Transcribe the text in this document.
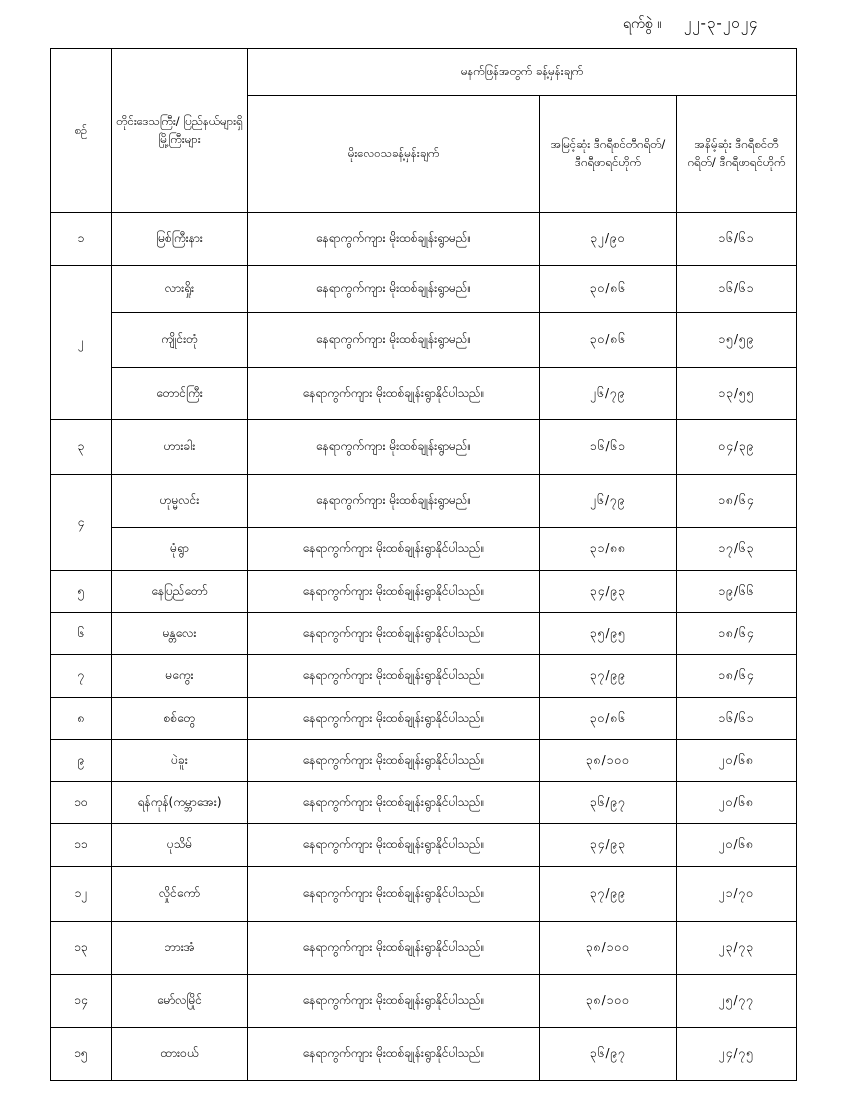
ရက်စွဲ ။ ၂၂-၃-၂၀၂၄
စဉ်	တိုင်းဒေသကြီး/ ပြည်နယ်များရှိ မြို့ကြီးများ	မနက်ဖြန်အတွက် ခန့်မှန်းချက်		
		မိုးလေဝသခန့်မှန်းချက်	အမြင့်ဆုံး ဒီဂရီစင်တီဂရိတ်/ ဒီဂရီဖာရင်ဟိုက်	အနိမ့်ဆုံး ဒီဂရီစင်တီဂရိတ်/ ဒီဂရီဖာရင်ဟိုက်
၁	မြစ်ကြီးနား	နေရာကွက်ကျား မိုးထစ်ချုန်းရွာမည်။	၃၂/၉၀	၁၆/၆၁
၂	လားရှိုး	နေရာကွက်ကျား မိုးထစ်ချုန်းရွာမည်။	၃၀/၈၆	၁၆/၆၁
	ကျိုင်းတုံ	နေရာကွက်ကျား မိုးထစ်ချုန်းရွာမည်။	၃၀/၈၆	၁၅/၅၉
	တောင်ကြီး	နေရာကွက်ကျား မိုးထစ်ချုန်းရွာနိုင်ပါသည်။	၂၆/၇၉	၁၃/၅၅
၃	ဟားခါး	နေရာကွက်ကျား မိုးထစ်ချုန်းရွာမည်။	၁၆/၆၁	၀၄/၃၉
၄	ဟုမ္မလင်း	နေရာကွက်ကျား မိုးထစ်ချုန်းရွာမည်။	၂၆/၇၉	၁၈/၆၄
	မုံရွာ	နေရာကွက်ကျား မိုးထစ်ချုန်းရွာနိုင်ပါသည်။	၃၁/၈၈	၁၇/၆၃
၅	နေပြည်တော်	နေရာကွက်ကျား မိုးထစ်ချုန်းရွာနိုင်ပါသည်။	၃၄/၉၃	၁၉/၆၆
၆	မန္တလေး	နေရာကွက်ကျား မိုးထစ်ချုန်းရွာနိုင်ပါသည်။	၃၅/၉၅	၁၈/၆၄
၇	မကွေး	နေရာကွက်ကျား မိုးထစ်ချုန်းရွာနိုင်ပါသည်။	၃၇/၉၉	၁၈/၆၄
၈	စစ်တွေ	နေရာကွက်ကျား မိုးထစ်ချုန်းရွာနိုင်ပါသည်။	၃၀/၈၆	၁၆/၆၁
၉	ပဲခူး	နေရာကွက်ကျား မိုးထစ်ချုန်းရွာနိုင်ပါသည်။	၃၈/၁၀၀	၂၀/၆၈
၁၀	ရန်ကုန်(ကမ္ဘာအေး)	နေရာကွက်ကျား မိုးထစ်ချုန်းရွာနိုင်ပါသည်။	၃၆/၉၇	၂၀/၆၈
၁၁	ပုသိမ်	နေရာကွက်ကျား မိုးထစ်ချုန်းရွာနိုင်ပါသည်။	၃၄/၉၃	၂၀/၆၈
၁၂	လှိုင်ကော်	နေရာကွက်ကျား မိုးထစ်ချုန်းရွာနိုင်ပါသည်။	၃၇/၉၉	၂၁/၇၀
၁၃	ဘားအံ	နေရာကွက်ကျား မိုးထစ်ချုန်းရွာနိုင်ပါသည်။	၃၈/၁၀၀	၂၃/၇၃
၁၄	မော်လမြိုင်	နေရာကွက်ကျား မိုးထစ်ချုန်းရွာနိုင်ပါသည်။	၃၈/၁၀၀	၂၅/၇၇
၁၅	ထားဝယ်	နေရာကွက်ကျား မိုးထစ်ချုန်းရွာနိုင်ပါသည်။	၃၆/၉၇	၂၄/၇၅
